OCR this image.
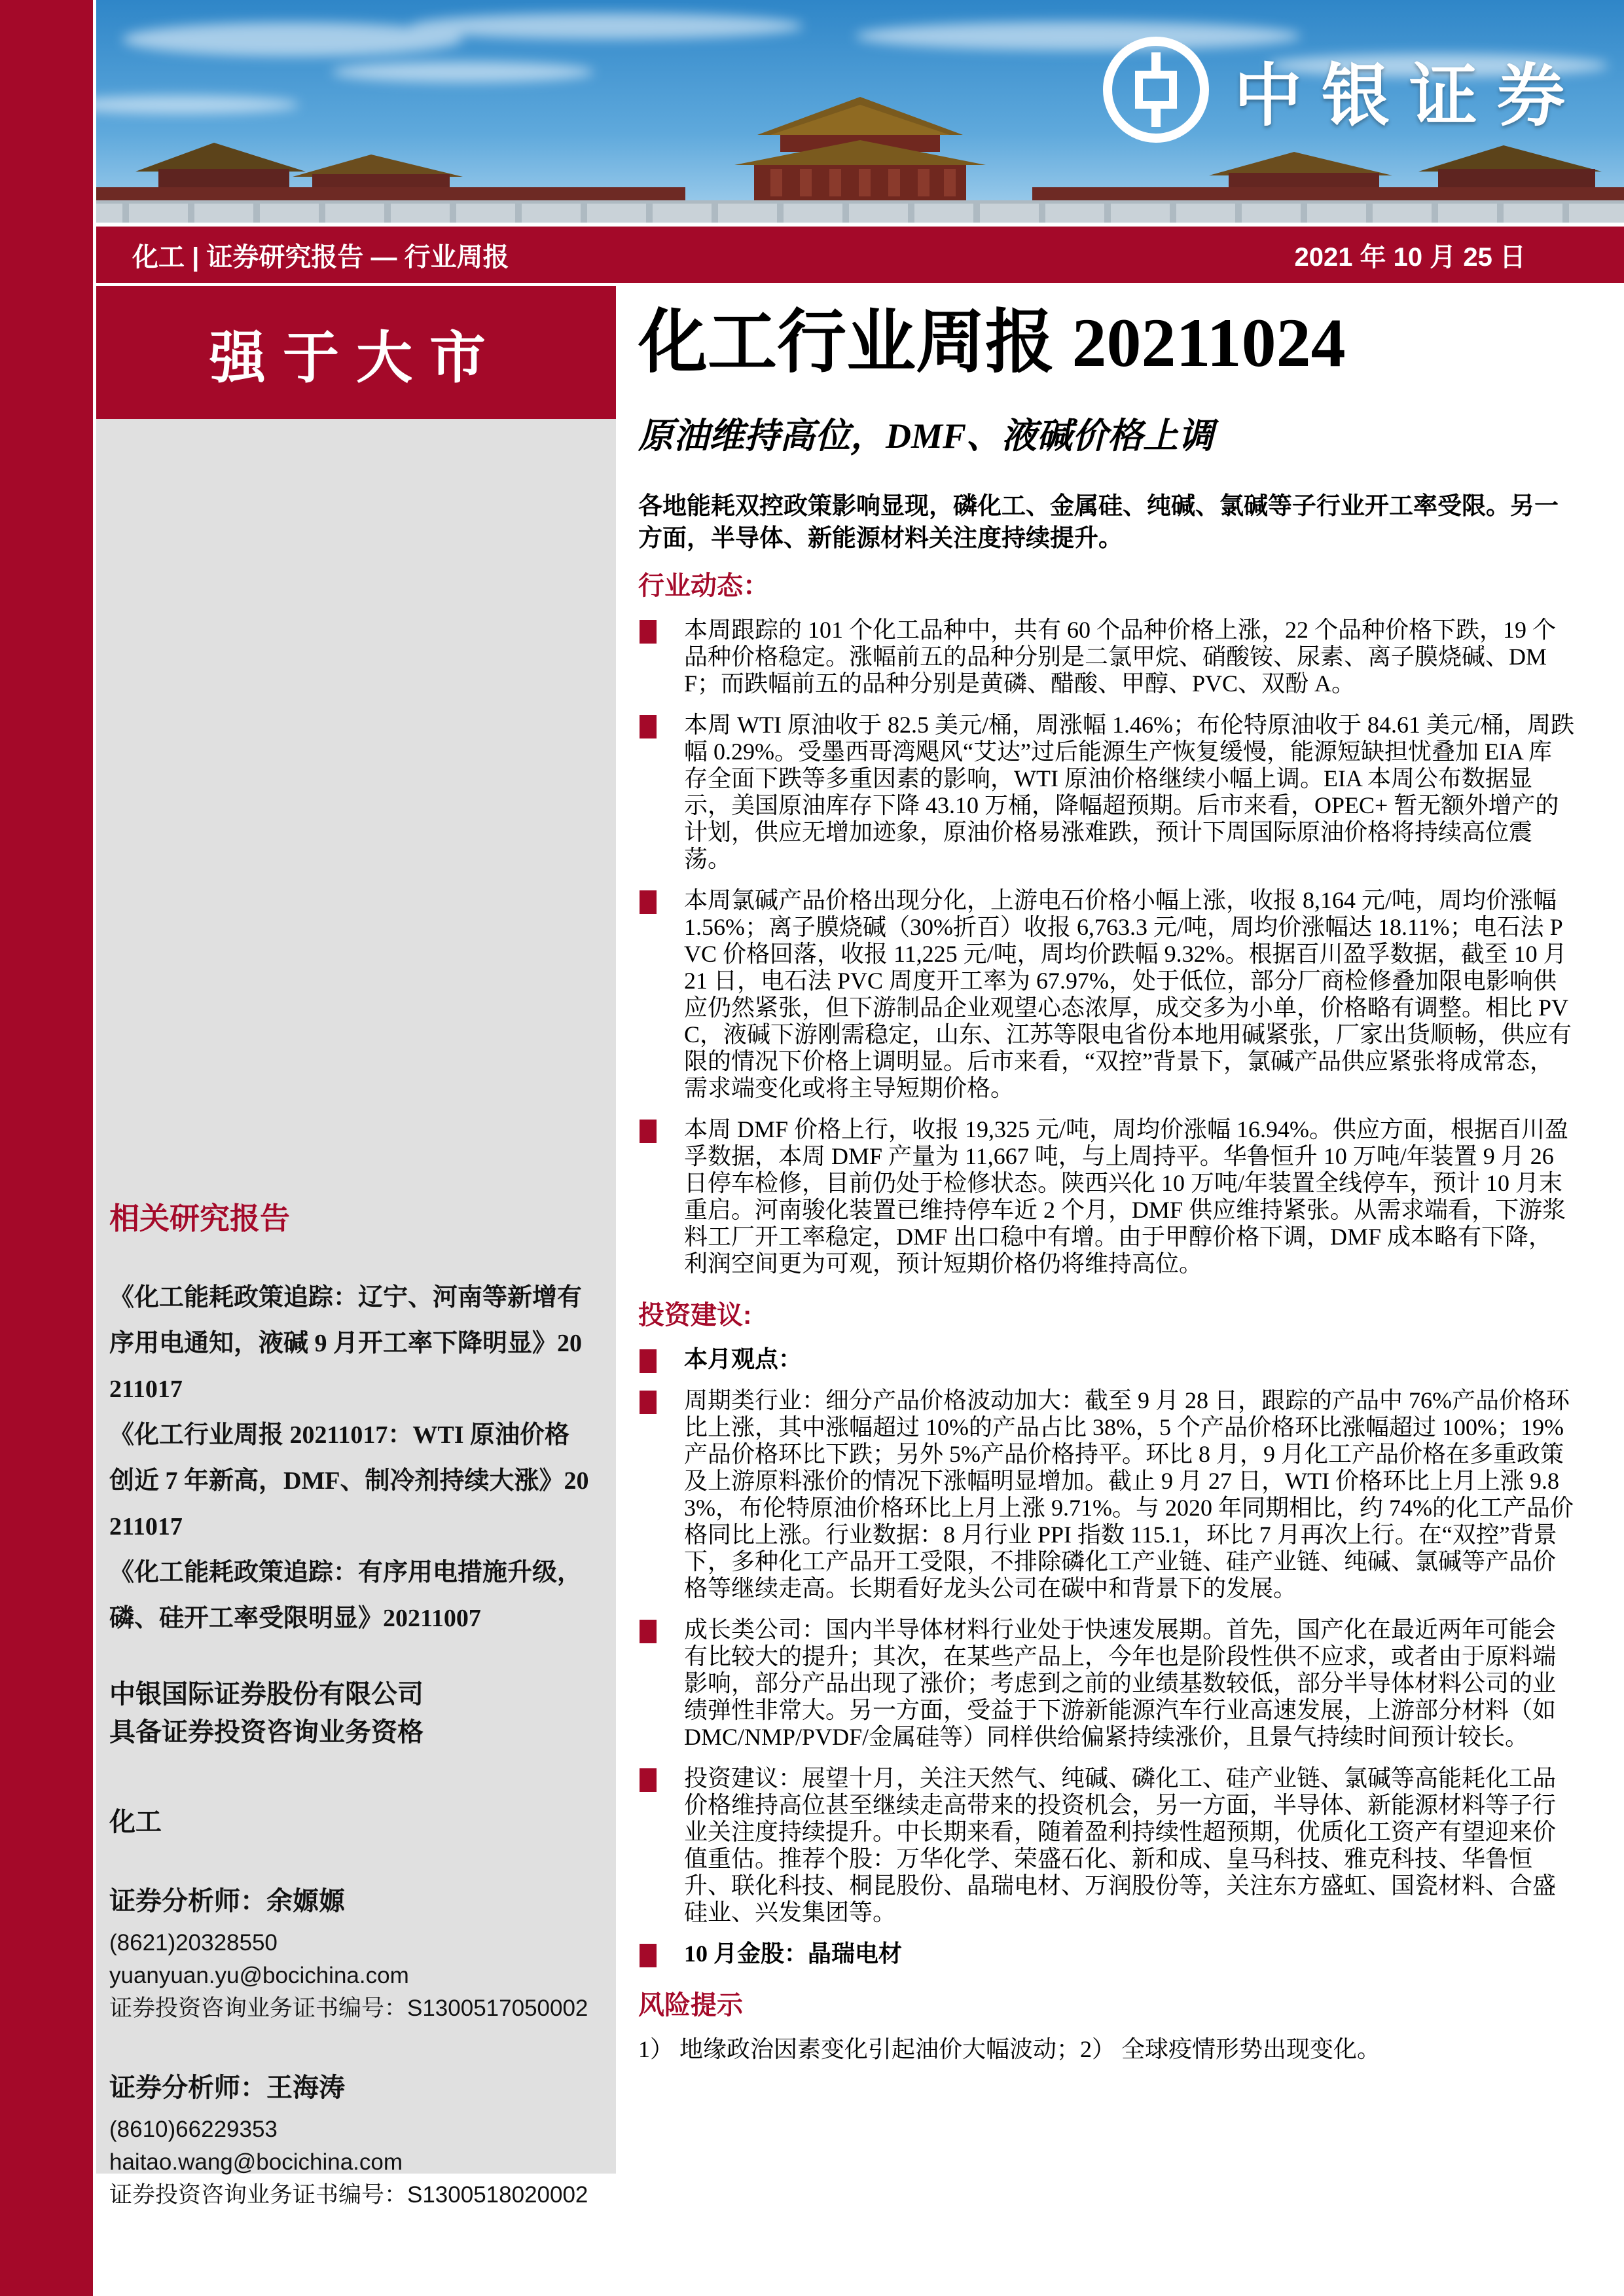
中银证券
化工 | 证券研究报告 — 行业周报	2021 年 10 月 25 日
强于大市
相关研究报告

《化工能耗政策追踪：辽宁、河南等新增有序用电通知，液碱 9 月开工率下降明显》20211017

《化工行业周报 20211017：WTI 原油价格创近 7 年新高，DMF、制冷剂持续大涨》20211017

《化工能耗政策追踪：有序用电措施升级，磷、硅开工率受限明显》20211007

中银国际证券股份有限公司
具备证券投资咨询业务资格
化工
证券分析师：余嫄嫄
(8621)20328550
yuanyuan.yu@bocichina.com
证券投资咨询业务证书编号：S1300517050002
证券分析师：王海涛
(8610)66229353
haitao.wang@bocichina.com
证券投资咨询业务证书编号：S1300518020002
化工行业周报 20211024
原油维持高位，DMF、液碱价格上调

各地能耗双控政策影响显现，磷化工、金属硅、纯碱、氯碱等子行业开工率受限。另一方面，半导体、新能源材料关注度持续提升。

行业动态：

本周跟踪的 101 个化工品种中，共有 60 个品种价格上涨，22 个品种价格下跌，19 个品种价格稳定。涨幅前五的品种分别是二氯甲烷、硝酸铵、尿素、离子膜烧碱、DMF；而跌幅前五的品种分别是黄磷、醋酸、甲醇、PVC、双酚 A。

本周 WTI 原油收于 82.5 美元/桶，周涨幅 1.46%；布伦特原油收于 84.61 美元/桶，周跌幅 0.29%。受墨西哥湾飓风“艾达”过后能源生产恢复缓慢，能源短缺担忧叠加 EIA 库存全面下跌等多重因素的影响，WTI 原油价格继续小幅上调。EIA 本周公布数据显示，美国原油库存下降 43.10 万桶，降幅超预期。后市来看，OPEC+ 暂无额外增产的计划，供应无增加迹象，原油价格易涨难跌，预计下周国际原油价格将持续高位震荡。

本周氯碱产品价格出现分化，上游电石价格小幅上涨，收报 8,164 元/吨，周均价涨幅 1.56%；离子膜烧碱（30%折百）收报 6,763.3 元/吨，周均价涨幅达 18.11%；电石法 PVC 价格回落，收报 11,225 元/吨，周均价跌幅 9.32%。根据百川盈孚数据，截至 10 月 21 日，电石法 PVC 周度开工率为 67.97%，处于低位，部分厂商检修叠加限电影响供应仍然紧张，但下游制品企业观望心态浓厚，成交多为小单，价格略有调整。相比 PVC，液碱下游刚需稳定，山东、江苏等限电省份本地用碱紧张，厂家出货顺畅，供应有限的情况下价格上调明显。后市来看，“双控”背景下，氯碱产品供应紧张将成常态，需求端变化或将主导短期价格。

本周 DMF 价格上行，收报 19,325 元/吨，周均价涨幅 16.94%。供应方面，根据百川盈孚数据，本周 DMF 产量为 11,667 吨，与上周持平。华鲁恒升 10 万吨/年装置 9 月 26 日停车检修，目前仍处于检修状态。陕西兴化 10 万吨/年装置全线停车，预计 10 月末重启。河南骏化装置已维持停车近 2 个月，DMF 供应维持紧张。从需求端看，下游浆料工厂开工率稳定，DMF 出口稳中有增。由于甲醇价格下调，DMF 成本略有下降，利润空间更为可观，预计短期价格仍将维持高位。

投资建议:

本月观点：

周期类行业：细分产品价格波动加大：截至 9 月 28 日，跟踪的产品中 76%产品价格环比上涨，其中涨幅超过 10%的产品占比 38%，5 个产品价格环比涨幅超过 100%；19%产品价格环比下跌；另外 5%产品价格持平。环比 8 月，9 月化工产品价格在多重政策及上游原料涨价的情况下涨幅明显增加。截止 9 月 27 日，WTI 价格环比上月上涨 9.83%，布伦特原油价格环比上月上涨 9.71%。与 2020 年同期相比，约 74%的化工产品价格同比上涨。行业数据：8 月行业 PPI 指数 115.1，环比 7 月再次上行。在“双控”背景下，多种化工产品开工受限，不排除磷化工产业链、硅产业链、纯碱、氯碱等产品价格等继续走高。长期看好龙头公司在碳中和背景下的发展。

成长类公司：国内半导体材料行业处于快速发展期。首先，国产化在最近两年可能会有比较大的提升；其次，在某些产品上，今年也是阶段性供不应求，或者由于原料端影响，部分产品出现了涨价；考虑到之前的业绩基数较低，部分半导体材料公司的业绩弹性非常大。另一方面，受益于下游新能源汽车行业高速发展，上游部分材料（如 DMC/NMP/PVDF/金属硅等）同样供给偏紧持续涨价，且景气持续时间预计较长。

投资建议：展望十月，关注天然气、纯碱、磷化工、硅产业链、氯碱等高能耗化工品价格维持高位甚至继续走高带来的投资机会，另一方面，半导体、新能源材料等子行业关注度持续提升。中长期来看，随着盈利持续性超预期，优质化工资产有望迎来价值重估。推荐个股：万华化学、荣盛石化、新和成、皇马科技、雅克科技、华鲁恒升、联化科技、桐昆股份、晶瑞电材、万润股份等，关注东方盛虹、国瓷材料、合盛硅业、兴发集团等。

10 月金股：晶瑞电材

风险提示

1） 地缘政治因素变化引起油价大幅波动；2） 全球疫情形势出现变化。
